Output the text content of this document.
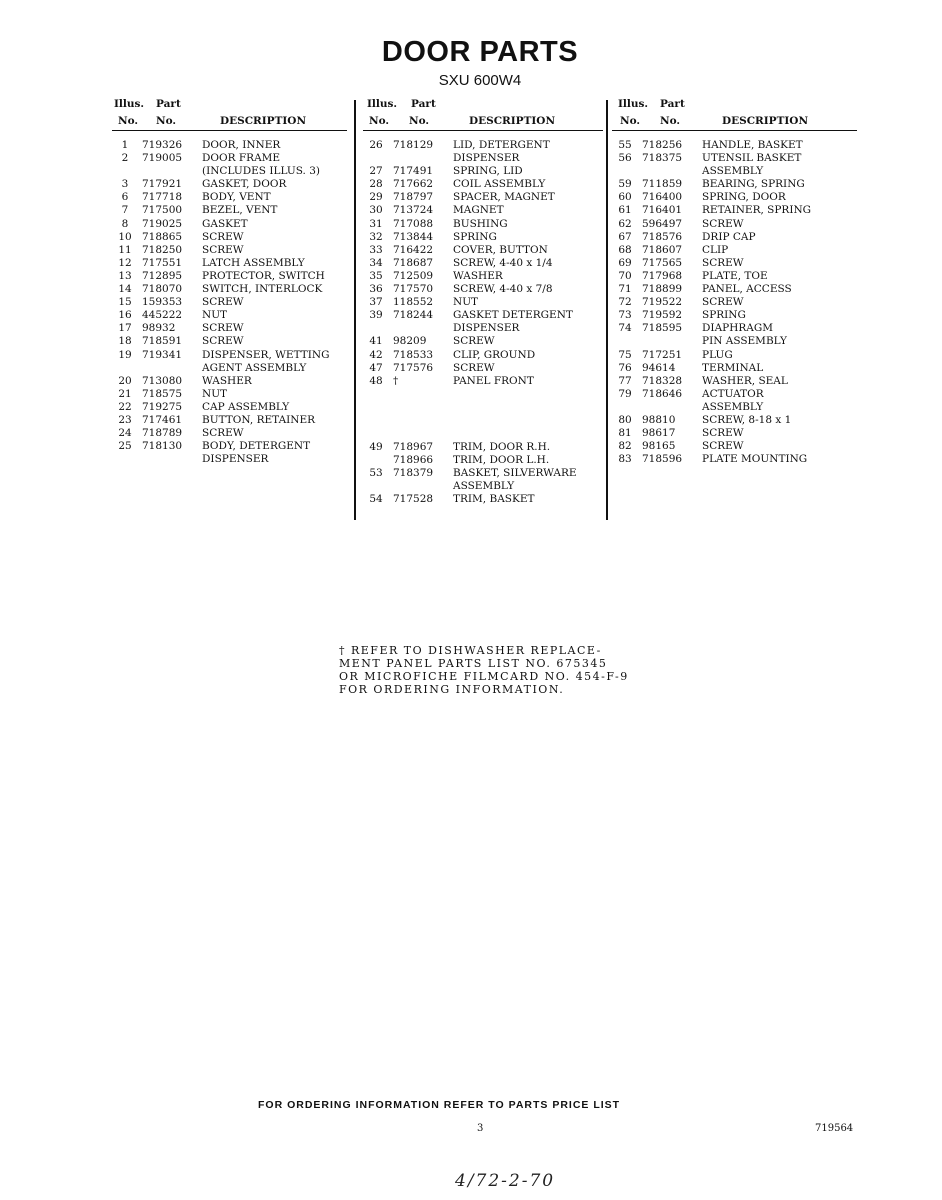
DOOR PARTS
SXU 600W4
Illus. Part
No. No.	DESCRIPTION
1	719326	DOOR, INNER
2	719005	DOOR FRAME
(INCLUDES ILLUS. 3)
3	717921	GASKET, DOOR
6	717718	BODY, VENT
7	717500	BEZEL, VENT
8	719025	GASKET
10 718865	SCREW
11 718250	SCREW
12 717551	LATCH ASSEMBLY
13 712895	PROTECTOR, SWITCH
14 718070	SWITCH, INTERLOCK
15 159353	SCREW
16 445222	NUT
17 98932	SCREW
18 718591	SCREW
19 719341	DISPENSER, WETTING
AGENT ASSEMBLY
20 713080	WASHER
21 718575	NUT
22 719275	CAP ASSEMBLY
23 717461	BUTTON, RETAINER
24 718789	SCREW
25 718130	BODY, DETERGENT
DISPENSER
Illus. Part
No. No.	DESCRIPTION
26 718129	LID, DETERGENT
DISPENSER
27 717491	SPRING, LID
28 717662	COIL ASSEMBLY
29 718797	SPACER, MAGNET
30 713724	MAGNET
31 717088	BUSHING
32 713844	SPRING
33 716422	COVER, BUTTON
34 718687	SCREW, 4-40 x 1/4
35 712509	WASHER
36 717570	SCREW, 4-40 x 7/8
37 118552	NUT
39 718244	GASKET DETERGENT
DISPENSER
41 98209	SCREW
42 718533	CLIP, GROUND
47 717576	SCREW
48 †	PANEL FRONT
49 718967	TRIM, DOOR R.H.
718966	TRIM, DOOR L.H.
53 718379	BASKET, SILVERWARE
ASSEMBLY
54 717528	TRIM, BASKET
Illus. Part
No. No.	DESCRIPTION
55 718256	HANDLE, BASKET
56 718375	UTENSIL BASKET
ASSEMBLY
59 711859	BEARING, SPRING
60 716400	SPRING, DOOR
61 716401	RETAINER, SPRING
62 596497	SCREW
67 718576	DRIP CAP
68 718607	CLIP
69 717565	SCREW
70 717968	PLATE, TOE
71 718899	PANEL, ACCESS
72 719522	SCREW
73 719592	SPRING
74 718595	DIAPHRAGM
PIN ASSEMBLY
75 717251	PLUG
76 94614	TERMINAL
77 718328	WASHER, SEAL
79 718646	ACTUATOR
ASSEMBLY
80 98810	SCREW, 8-18 x 1
81 98617	SCREW
82 98165	SCREW
83 718596	PLATE MOUNTING
† REFER TO DISHWASHER REPLACE-
MENT PANEL PARTS LIST NO. 675345
OR MICROFICHE FILMCARD NO. 454-F-9
FOR ORDERING INFORMATION.
FOR ORDERING INFORMATION REFER TO PARTS PRICE LIST
3	719564
4/72-2-70
